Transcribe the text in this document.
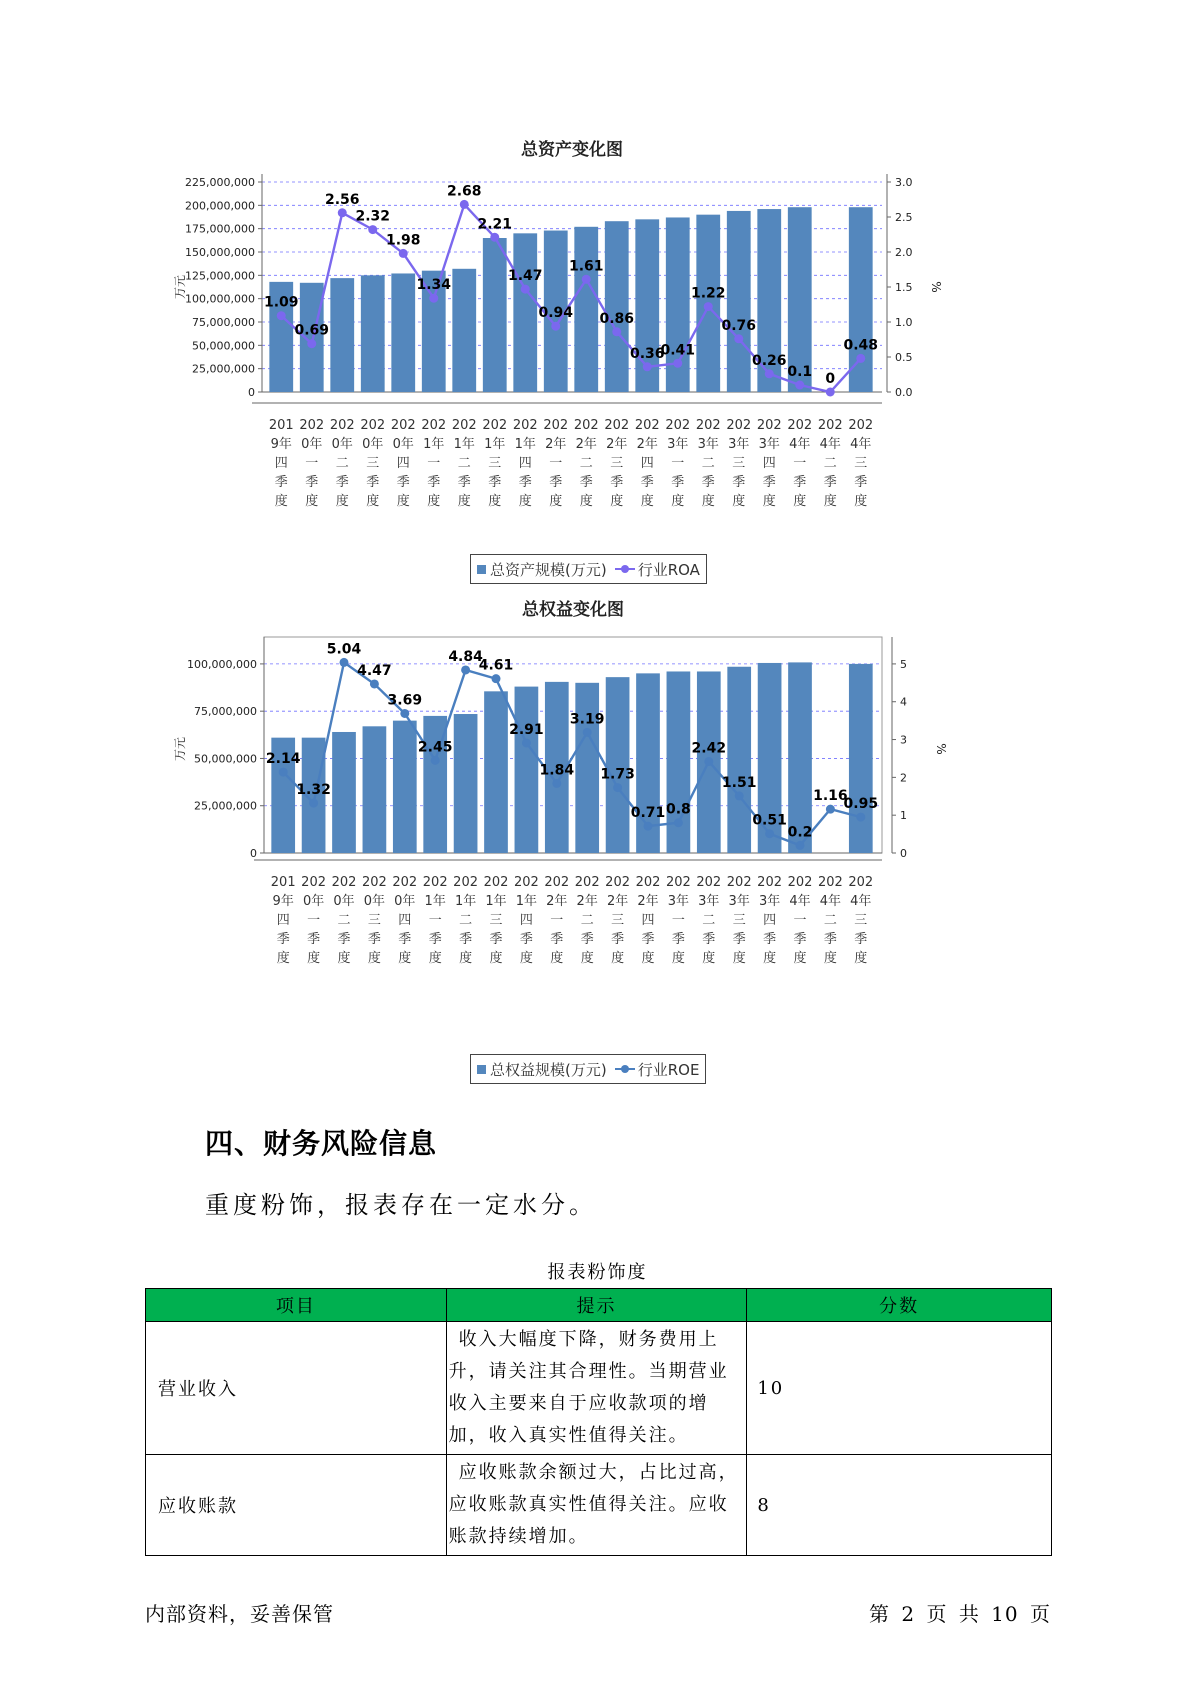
总资产变化图
0
25,000,000
50,000,000
75,000,000
100,000,000
125,000,000
150,000,000
175,000,000
200,000,000
225,000,000
0.0
0.5
1.0
1.5
2.0
2.5
3.0
万元	%
1.09
0.69
2.56
2.32
1.98
1.34
2.68
2.21
1.47
0.94
1.61
0.86
0.36
0.41
1.22
0.76
0.26
0.1 0
0.48
201 9年四季度
202 0年一季度
202 0年二季度
202 0年三季度
202 0年四季度
202 1年一季度
202 1年二季度
202 1年三季度
202 1年四季度
202 2年一季度
202 2年二季度
202 2年三季度
202 2年四季度
202 3年一季度
202 3年二季度
202 3年三季度
202 3年四季度
202 4年一季度
202 4年二季度
202 4年三季度
总资产规模(万元) 行业ROA
总权益变化图
0
25,000,000
50,000,000
75,000,000
100,000,000
0
1
2
3
4
5
万元	%
2.14
1.32
5.04
4.47
3.69
2.45
4.84
4.61
2.91
1.84
3.19
1.73
0.71 0.8
2.42
1.51
0.51
0.2
1.16
0.95
201 9年四季度
202 0年一季度
202 0年二季度
202 0年三季度
202 0年四季度
202 1年一季度
202 1年二季度
202 1年三季度
202 1年四季度
202 2年一季度
202 2年二季度
202 2年三季度
202 2年四季度
202 3年一季度
202 3年二季度
202 3年三季度
202 3年四季度
202 4年一季度
202 4年二季度
202 4年三季度
总权益规模(万元) 行业ROE
四、财务风险信息

重度粉饰，报表存在一定水分。

报表粉饰度
项目	提示	分数
营业收入	收入大幅度下降，财务费用上升，请关注其合理性。当期营业收入主要来自于应收款项的增加，收入真实性值得关注。	10
应收账款	应收账款余额过大，占比过高，应收账款真实性值得关注。应收账款持续增加。	8
内部资料，妥善保管	第 2 页 共 10 页
